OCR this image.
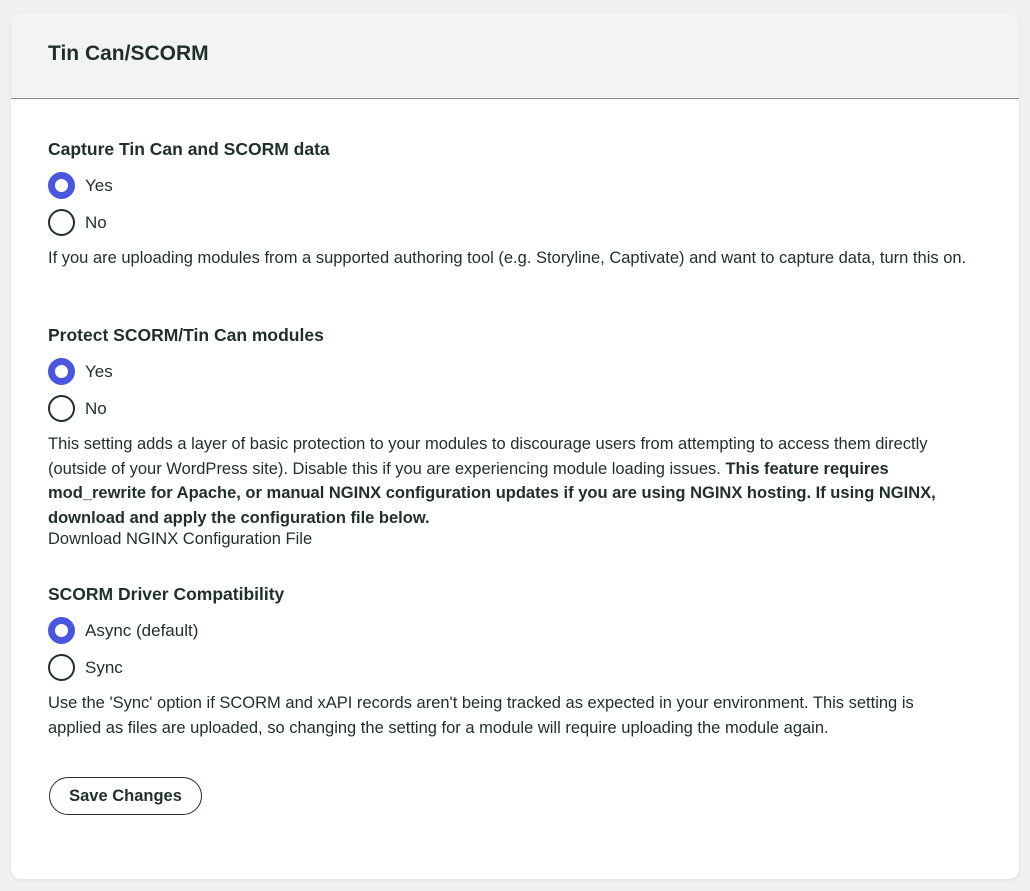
Tin Can/SCORM
Capture Tin Can and SCORM data
Yes
No

If you are uploading modules from a supported authoring tool (e.g. Storyline, Captivate) and want to capture data, turn this on.

Protect SCORM/Tin Can modules
Yes
No

This setting adds a layer of basic protection to your modules to discourage users from attempting to access them directly (outside of your WordPress site). Disable this if you are experiencing module loading issues. This feature requires mod_rewrite for Apache, or manual NGINX configuration updates if you are using NGINX hosting. If using NGINX, download and apply the configuration file below.

Download NGINX Configuration File
SCORM Driver Compatibility
Async (default)
Sync

Use the 'Sync' option if SCORM and xAPI records aren't being tracked as expected in your environment. This setting is applied as files are uploaded, so changing the setting for a module will require uploading the module again.

Save Changes
